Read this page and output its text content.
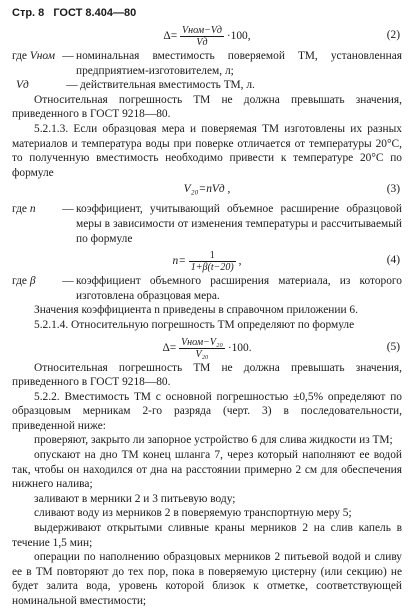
Стр. 8 ГОСТ 8.404—80
$\Delta= \frac{\text{Vном−Vд}}{Vд} \cdot 100$,	(2)
где Vном — номинальная вместимость поверяемой ТМ, установленная предприятием-изготовителем, л;
Vд	— действительная вместимость ТМ, л.
Относительная погрешность ТМ не должна превышать значения, приведенного в ГОСТ 9218—80.
5.2.1.3. Если образцовая мера и поверяемая ТМ изготовлены их разных материалов и температура воды при поверке отличается от температуры 20°С, то полученную вместимость необходимо привести к температуре 20°С по формуле
V₂₀=nVд ,	(3)
где n	— коэффициент, учитывающий объемное расширение образцовой меры в зависимости от изменения температуры и рассчитываемый по формуле
$n= \frac{1}{1+\beta(t-20)}$ ,	(4)
где β	— коэффициент объемного расширения материала, из которого изготовлена образцовая мера.
Значения коэффициента n приведены в справочном приложении 6.
5.2.1.4. Относительную погрешность ТМ определяют по формуле
$\Delta= \frac{\text{Vном−V₂₀}}{\text{V₂₀}} \cdot 100$.	(5)
Относительная погрешность ТМ не должна превышать значения, приведенного в ГОСТ 9218—80.
5.2.2. Вместимость ТМ с основной погрешностью ±0,5% определяют по образцовым мерникам 2-го разряда (черт. 3) в последовательности, приведенной ниже:
проверяют, закрыто ли запорное устройство 6 для слива жидкости из ТМ;
опускают на дно ТМ конец шланга 7, через который наполняют ее водой так, чтобы он находился от дна на расстоянии примерно 2 см для обеспечения нижнего налива;
заливают в мерники 2 и 3 питьевую воду;
сливают воду из мерников 2 в поверяемую транспортную меру 5;
выдерживают открытыми сливные краны мерников 2 на слив капель в течение 1,5 мин;
операции по наполнению образцовых мерников 2 питьевой водой и сливу ее в ТМ повторяют до тех пор, пока в поверяемую цистерну (или секцию) не будет залита вода, уровень которой близок к отметке, соответствующей номинальной вместимости;
